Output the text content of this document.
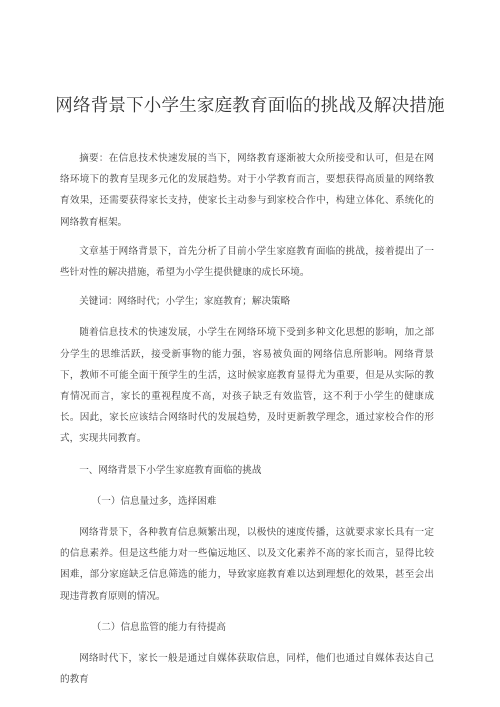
网络背景下小学生家庭教育面临的挑战及解决措施

摘要：在信息技术快速发展的当下，网络教育逐渐被大众所接受和认可，但是在网络环境下的教育呈现多元化的发展趋势。对于小学教育而言，要想获得高质量的网络教育效果，还需要获得家长支持，使家长主动参与到家校合作中，构建立体化、系统化的网络教育框架。

文章基于网络背景下，首先分析了目前小学生家庭教育面临的挑战，接着提出了一些针对性的解决措施，希望为小学生提供健康的成长环境。

关键词：网络时代；小学生；家庭教育；解决策略

随着信息技术的快速发展，小学生在网络环境下受到多种文化思想的影响，加之部分学生的思维活跃，接受新事物的能力强，容易被负面的网络信息所影响。网络背景下，教师不可能全面干预学生的生活，这时候家庭教育显得尤为重要，但是从实际的教育情况而言，家长的重视程度不高，对孩子缺乏有效监管，这不利于小学生的健康成长。因此，家长应该结合网络时代的发展趋势，及时更新教学理念，通过家校合作的形式，实现共同教育。

一、网络背景下小学生家庭教育面临的挑战

（一）信息量过多，选择困难

网络背景下，各种教育信息频繁出现，以极快的速度传播，这就要求家长具有一定的信息素养。但是这些能力对一些偏远地区、以及文化素养不高的家长而言，显得比较困难，部分家庭缺乏信息筛选的能力，导致家庭教育难以达到理想化的效果，甚至会出现违背教育原则的情况。

（二）信息监管的能力有待提高

网络时代下，家长一般是通过自媒体获取信息，同样，他们也通过自媒体表达自己的教育
